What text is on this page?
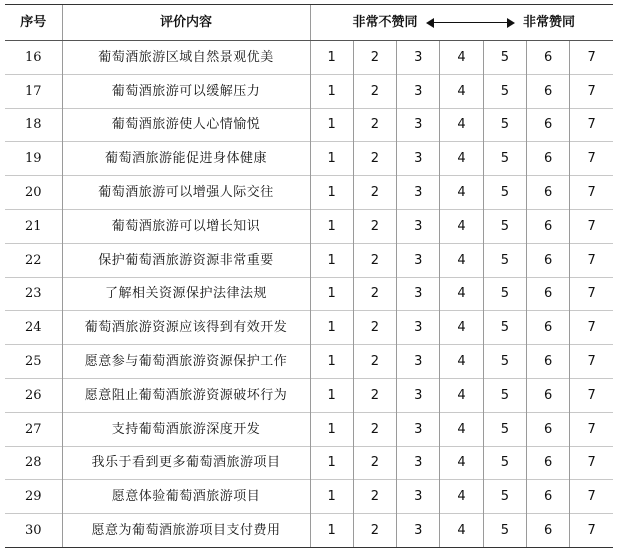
序号	评价内容	非常不赞同 非常赞同						

16	葡萄酒旅游区域自然景观优美	1	2	3	4	5	6	7
17	葡萄酒旅游可以缓解压力	1	2	3	4	5	6	7
18	葡萄酒旅游使人心情愉悦	1	2	3	4	5	6	7
19	葡萄酒旅游能促进身体健康	1	2	3	4	5	6	7
20	葡萄酒旅游可以增强人际交往	1	2	3	4	5	6	7
21	葡萄酒旅游可以增长知识	1	2	3	4	5	6	7
22	保护葡萄酒旅游资源非常重要	1	2	3	4	5	6	7
23	了解相关资源保护法律法规	1	2	3	4	5	6	7
24	葡萄酒旅游资源应该得到有效开发	1	2	3	4	5	6	7
25	愿意参与葡萄酒旅游资源保护工作	1	2	3	4	5	6	7
26	愿意阻止葡萄酒旅游资源破坏行为	1	2	3	4	5	6	7
27	支持葡萄酒旅游深度开发	1	2	3	4	5	6	7
28	我乐于看到更多葡萄酒旅游项目	1	2	3	4	5	6	7
29	愿意体验葡萄酒旅游项目	1	2	3	4	5	6	7
30	愿意为葡萄酒旅游项目支付费用	1	2	3	4	5	6	7
